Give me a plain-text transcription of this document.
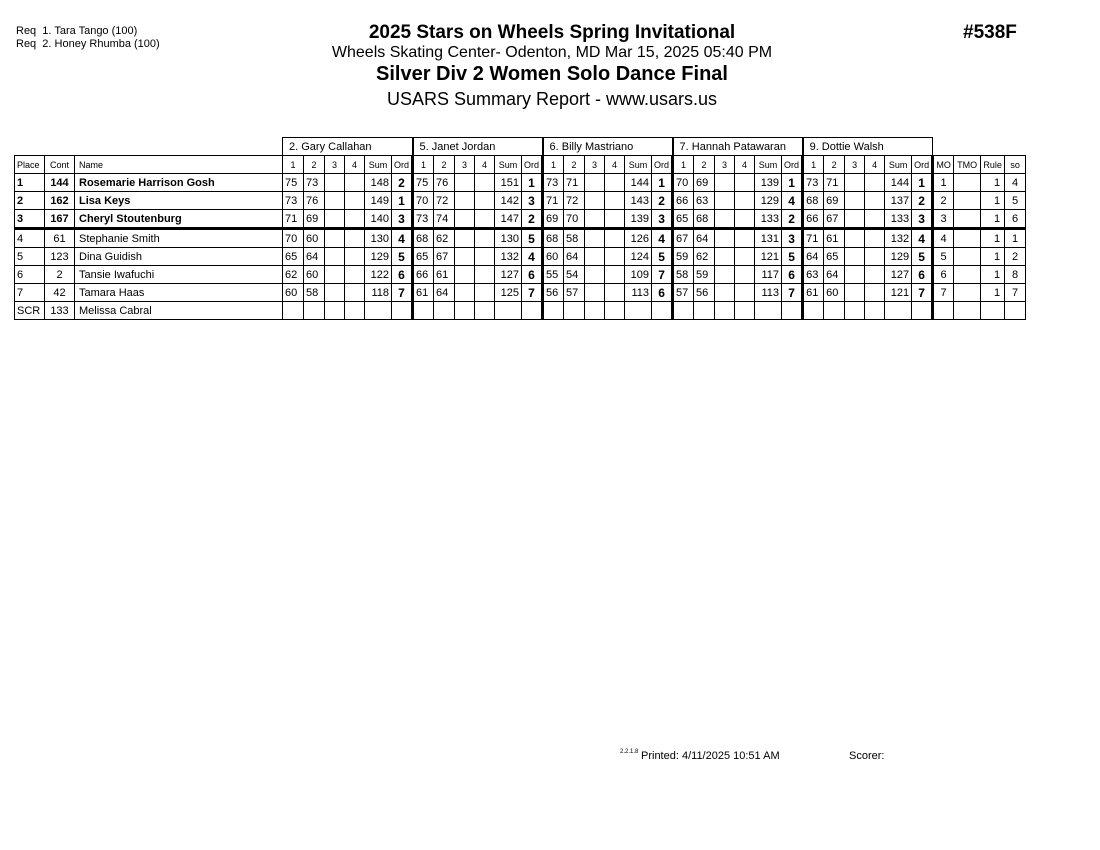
Req  1. Tara Tango (100)
Req  2. Honey Rhumba (100)
2025 Stars on Wheels Spring Invitational
Wheels Skating Center- Odenton, MD Mar 15, 2025 05:40 PM
Silver Div 2 Women Solo Dance Final
USARS Summary Report - www.usars.us
#538F
			2. Gary Callahan						5. Janet Jordan						6. Billy Mastriano						7. Hannah Patawaran						9. Dottie Walsh									
Place	Cont	Name	1	2	3	4	Sum	Ord	1	2	3	4	Sum	Ord	1	2	3	4	Sum	Ord	1	2	3	4	Sum	Ord	1	2	3	4	Sum	Ord	MO	TMO	Rule	so
1	144	Rosemarie Harrison Gosh	75	73			148	2	75	76			151	1	73	71			144	1	70	69			139	1	73	71			144	1	1		1	4
2	162	Lisa Keys	73	76			149	1	70	72			142	3	71	72			143	2	66	63			129	4	68	69			137	2	2		1	5
3	167	Cheryl Stoutenburg	71	69			140	3	73	74			147	2	69	70			139	3	65	68			133	2	66	67			133	3	3		1	6
4	61	Stephanie Smith	70	60			130	4	68	62			130	5	68	58			126	4	67	64			131	3	71	61			132	4	4		1	1
5	123	Dina Guidish	65	64			129	5	65	67			132	4	60	64			124	5	59	62			121	5	64	65			129	5	5		1	2
6	2	Tansie Iwafuchi	62	60			122	6	66	61			127	6	55	54			109	7	58	59			117	6	63	64			127	6	6		1	8
7	42	Tamara Haas	60	58			118	7	61	64			125	7	56	57			113	6	57	56			113	7	61	60			121	7	7		1	7
SCR	133	Melissa Cabral																																		
2.2.1.8 Printed: 4/11/2025 10:51 AM	Scorer:
